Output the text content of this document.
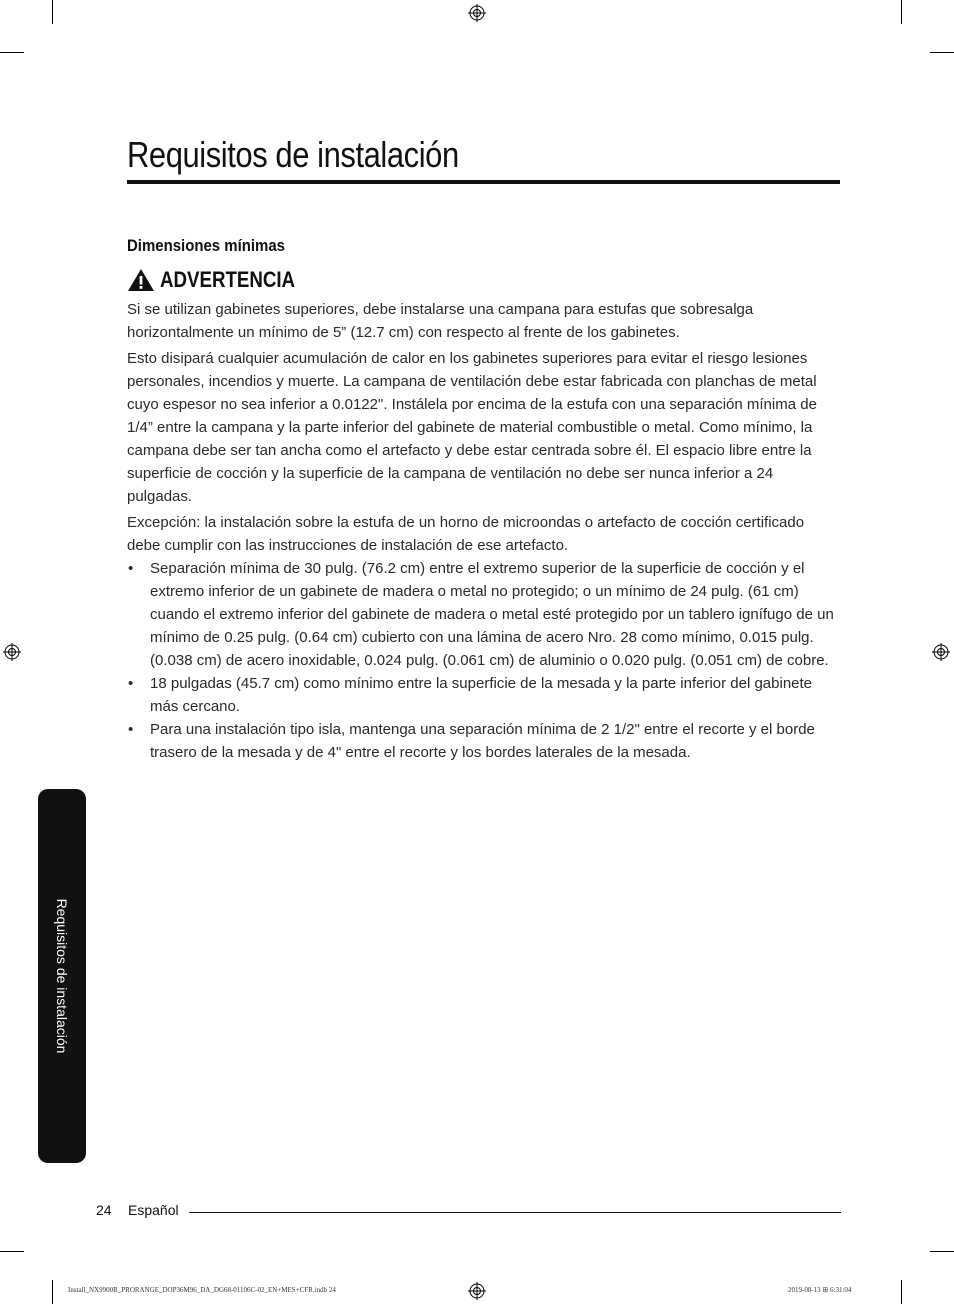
Requisitos de instalación
Dimensiones mínimas
ADVERTENCIA

Si se utilizan gabinetes superiores, debe instalarse una campana para estufas que sobresalga horizontalmente un mínimo de 5” (12.7 cm) con respecto al frente de los gabinetes.

Esto disipará cualquier acumulación de calor en los gabinetes superiores para evitar el riesgo lesiones personales, incendios y muerte. La campana de ventilación debe estar fabricada con planchas de metal cuyo espesor no sea inferior a 0.0122". Instálela por encima de la estufa con una separación mínima de 1/4” entre la campana y la parte inferior del gabinete de material combustible o metal. Como mínimo, la campana debe ser tan ancha como el artefacto y debe estar centrada sobre él. El espacio libre entre la superficie de cocción y la superficie de la campana de ventilación no debe ser nunca inferior a 24 pulgadas.

Excepción: la instalación sobre la estufa de un horno de microondas o artefacto de cocción certificado debe cumplir con las instrucciones de instalación de ese artefacto.

• Separación mínima de 30 pulg. (76.2 cm) entre el extremo superior de la superficie de cocción y el extremo inferior de un gabinete de madera o metal no protegido; o un mínimo de 24 pulg. (61 cm) cuando el extremo inferior del gabinete de madera o metal esté protegido por un tablero ignífugo de un mínimo de 0.25 pulg. (0.64 cm) cubierto con una lámina de acero Nro. 28 como mínimo, 0.015 pulg. (0.038 cm) de acero inoxidable, 0.024 pulg. (0.061 cm) de aluminio o 0.020 pulg. (0.051 cm) de cobre.
• 18 pulgadas (45.7 cm) como mínimo entre la superficie de la mesada y la parte inferior del gabinete más cercano.
• Para una instalación tipo isla, mantenga una separación mínima de 2 1/2" entre el recorte y el borde trasero de la mesada y de 4" entre el recorte y los bordes laterales de la mesada.
Requisitos de instalación
24 Español
Install_NX9900R_PRORANGE_DOP36M96_DA_DG68-01106C-02_EN+MES+CFR.indb 24	2019-08-13 ⊞ 6:31:04
